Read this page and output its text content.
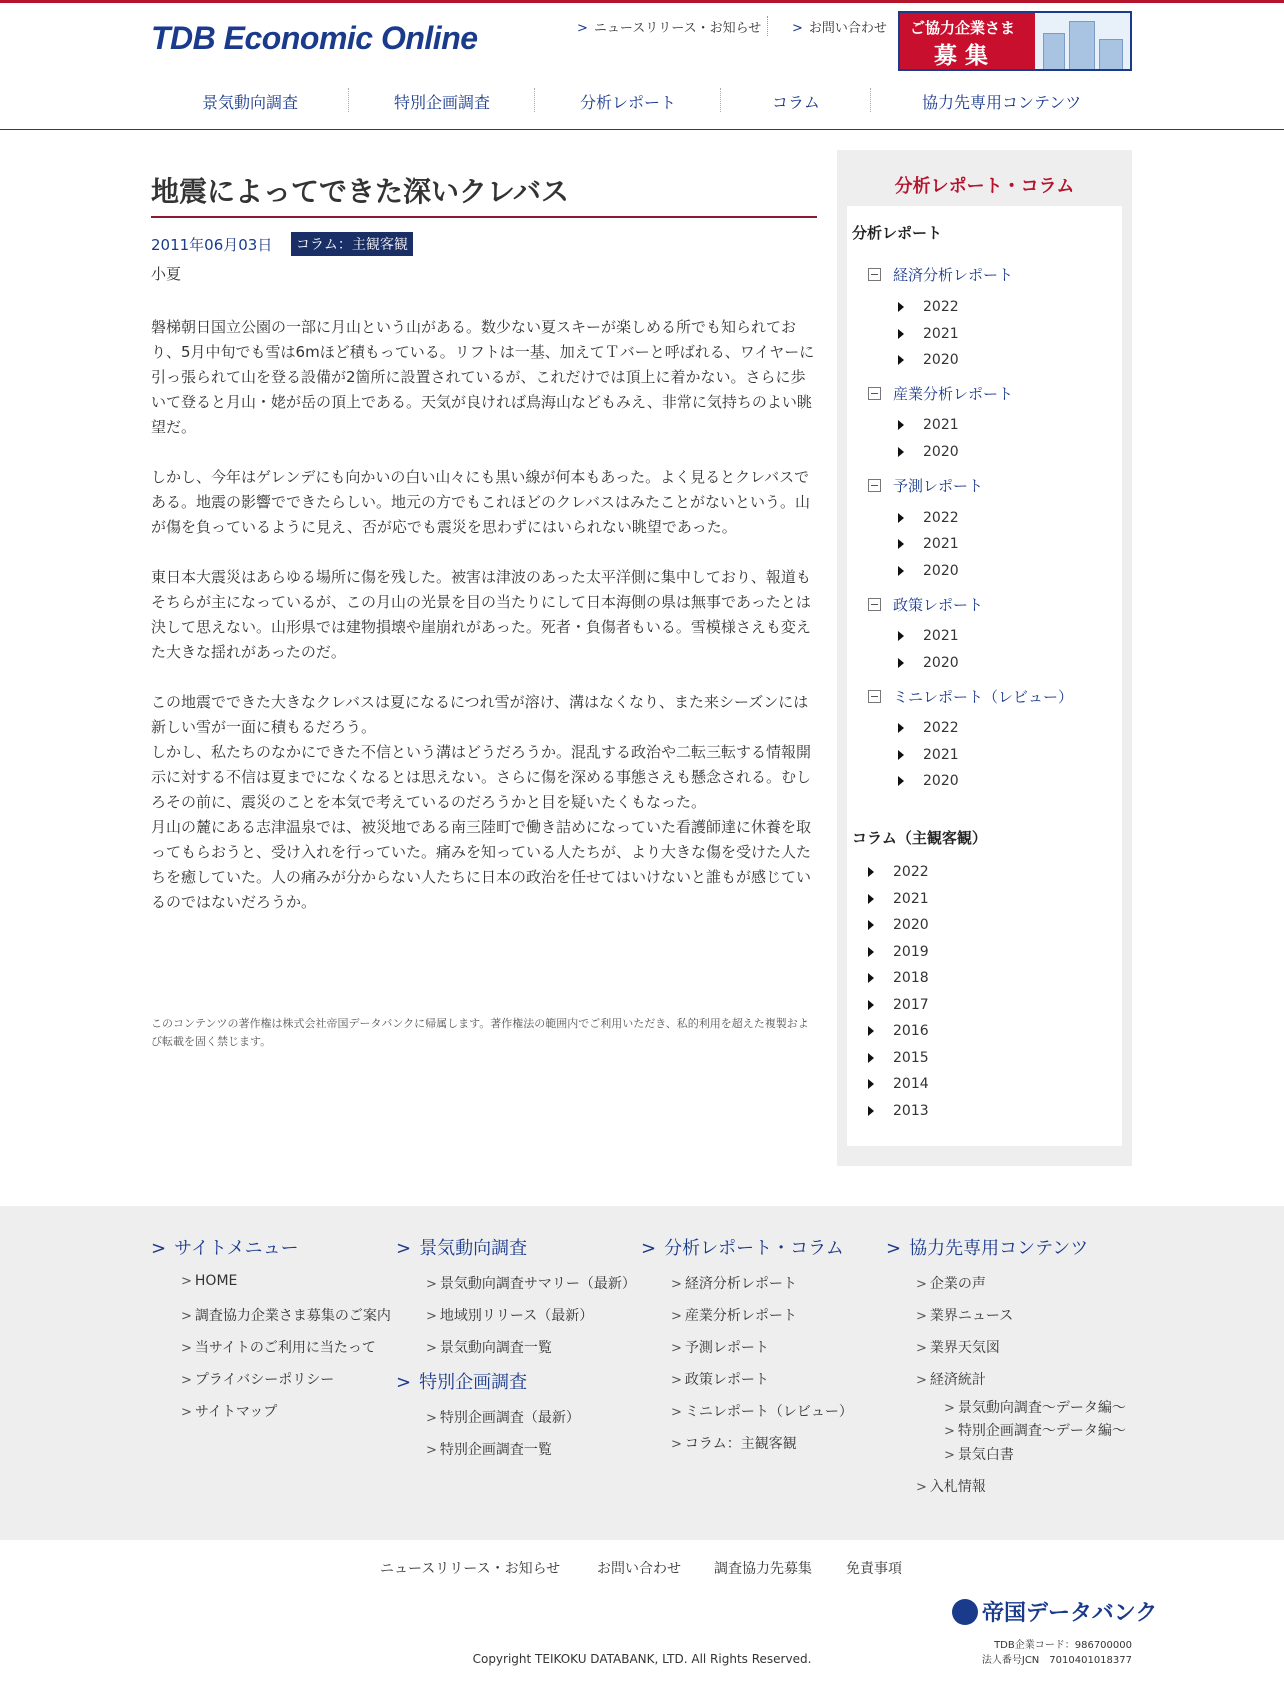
TDB Economic Online	> ニュースリリース・お知らせ > お問い合わせ ご協力企業さま
募集
景気動向調査	特別企画調査	分析レポート	コラム	協力先専用コンテンツ
地震によってできた深いクレバス
2011年06月03日	コラム：主観客観
小夏

磐梯朝日国立公園の一部に月山という山がある。数少ない夏スキーが楽しめる所でも知られており、5月中旬でも雪は6mほど積もっている。リフトは一基、加えてＴバーと呼ばれる、ワイヤーに引っ張られて山を登る設備が2箇所に設置されているが、これだけでは頂上に着かない。さらに歩いて登ると月山・姥が岳の頂上である。天気が良ければ鳥海山などもみえ、非常に気持ちのよい眺望だ。

しかし、今年はゲレンデにも向かいの白い山々にも黒い線が何本もあった。よく見るとクレバスである。地震の影響でできたらしい。地元の方でもこれほどのクレバスはみたことがないという。山が傷を負っているように見え、否が応でも震災を思わずにはいられない眺望であった。

東日本大震災はあらゆる場所に傷を残した。被害は津波のあった太平洋側に集中しており、報道もそちらが主になっているが、この月山の光景を目の当たりにして日本海側の県は無事であったとは決して思えない。山形県では建物損壊や崖崩れがあった。死者・負傷者もいる。雪模様さえも変えた大きな揺れがあったのだ。

この地震でできた大きなクレバスは夏になるにつれ雪が溶け、溝はなくなり、また来シーズンには新しい雪が一面に積もるだろう。

しかし、私たちのなかにできた不信という溝はどうだろうか。混乱する政治や二転三転する情報開示に対する不信は夏までになくなるとは思えない。さらに傷を深める事態さえも懸念される。むしろその前に、震災のことを本気で考えているのだろうかと目を疑いたくもなった。

月山の麓にある志津温泉では、被災地である南三陸町で働き詰めになっていた看護師達に休養を取ってもらおうと、受け入れを行っていた。痛みを知っている人たちが、より大きな傷を受けた人たちを癒していた。人の痛みが分からない人たちに日本の政治を任せてはいけないと誰もが感じているのではないだろうか。

このコンテンツの著作権は株式会社帝国データバンクに帰属します。著作権法の範囲内でご利用いただき、私的利用を超えた複製および転載を固く禁じます。
分析レポート・コラム
分析レポート
経済分析レポート
2022
2021
2020
産業分析レポート
2021
2020
予測レポート
2022
2021
2020
政策レポート
2021
2020
ミニレポート（レビュー）
2022
2021
2020
コラム（主観客観）
2022
2021
2020
2019
2018
2017
2016
2015
2014
2013
> サイトメニュー
> HOME
> 調査協力企業さま募集のご案内
> 当サイトのご利用に当たって
> プライバシーポリシー
> サイトマップ
> 景気動向調査
> 景気動向調査サマリー（最新）
> 地域別リリース（最新）
> 景気動向調査一覧
> 特別企画調査
> 特別企画調査（最新）
> 特別企画調査一覧
> 分析レポート・コラム
> 経済分析レポート
> 産業分析レポート
> 予測レポート
> 政策レポート
> ミニレポート（レビュー）
> コラム：主観客観
> 協力先専用コンテンツ
> 企業の声
> 業界ニュース
> 業界天気図
> 経済統計
> 景気動向調査～データ編～
> 特別企画調査～データ編～
> 景気白書
> 入札情報
ニュースリリース・お知らせ	お問い合わせ 調査協力先募集 免責事項
帝国データバンク
TDB企業コード：986700000
法人番号JCN　7010401018377
Copyright TEIKOKU DATABANK, LTD. All Rights Reserved.
